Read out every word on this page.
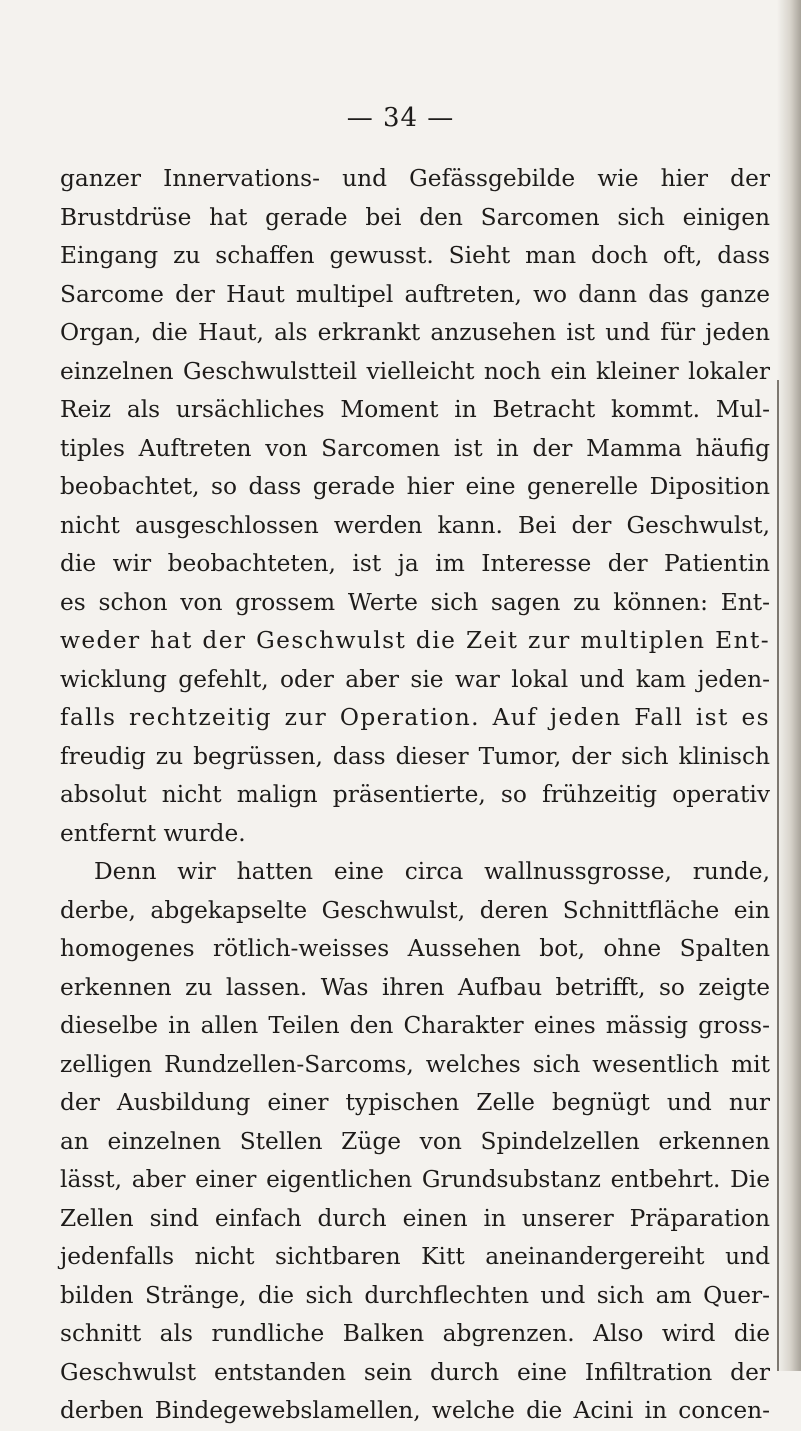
— 34 —
ganzer Innervations- und Gefässgebilde wie hier der
Brustdrüse hat gerade bei den Sarcomen sich einigen
Eingang zu schaffen gewusst. Sieht man doch oft, dass
Sarcome der Haut multipel auftreten, wo dann das ganze
Organ, die Haut, als erkrankt anzusehen ist und für jeden
einzelnen Geschwulstteil vielleicht noch ein kleiner lokaler
Reiz als ursächliches Moment in Betracht kommt. Mul-
tiples Auftreten von Sarcomen ist in der Mamma häufig
beobachtet, so dass gerade hier eine generelle Diposition
nicht ausgeschlossen werden kann. Bei der Geschwulst,
die wir beobachteten, ist ja im Interesse der Patientin
es schon von grossem Werte sich sagen zu können: Ent-
weder hat der Geschwulst die Zeit zur multiplen Ent-
wicklung gefehlt, oder aber sie war lokal und kam jeden-
falls rechtzeitig zur Operation. Auf jeden Fall ist es
freudig zu begrüssen, dass dieser Tumor, der sich klinisch
absolut nicht malign präsentierte, so frühzeitig operativ
entfernt wurde.
Denn wir hatten eine circa wallnussgrosse, runde,
derbe, abgekapselte Geschwulst, deren Schnittfläche ein
homogenes rötlich-weisses Aussehen bot, ohne Spalten
erkennen zu lassen. Was ihren Aufbau betrifft, so zeigte
dieselbe in allen Teilen den Charakter eines mässig gross-
zelligen Rundzellen-Sarcoms, welches sich wesentlich mit
der Ausbildung einer typischen Zelle begnügt und nur
an einzelnen Stellen Züge von Spindelzellen erkennen
lässt, aber einer eigentlichen Grundsubstanz entbehrt. Die
Zellen sind einfach durch einen in unserer Präparation
jedenfalls nicht sichtbaren Kitt aneinandergereiht und
bilden Stränge, die sich durchflechten und sich am Quer-
schnitt als rundliche Balken abgrenzen. Also wird die
Geschwulst entstanden sein durch eine Infiltration der
derben Bindegewebslamellen, welche die Acini in concen-
